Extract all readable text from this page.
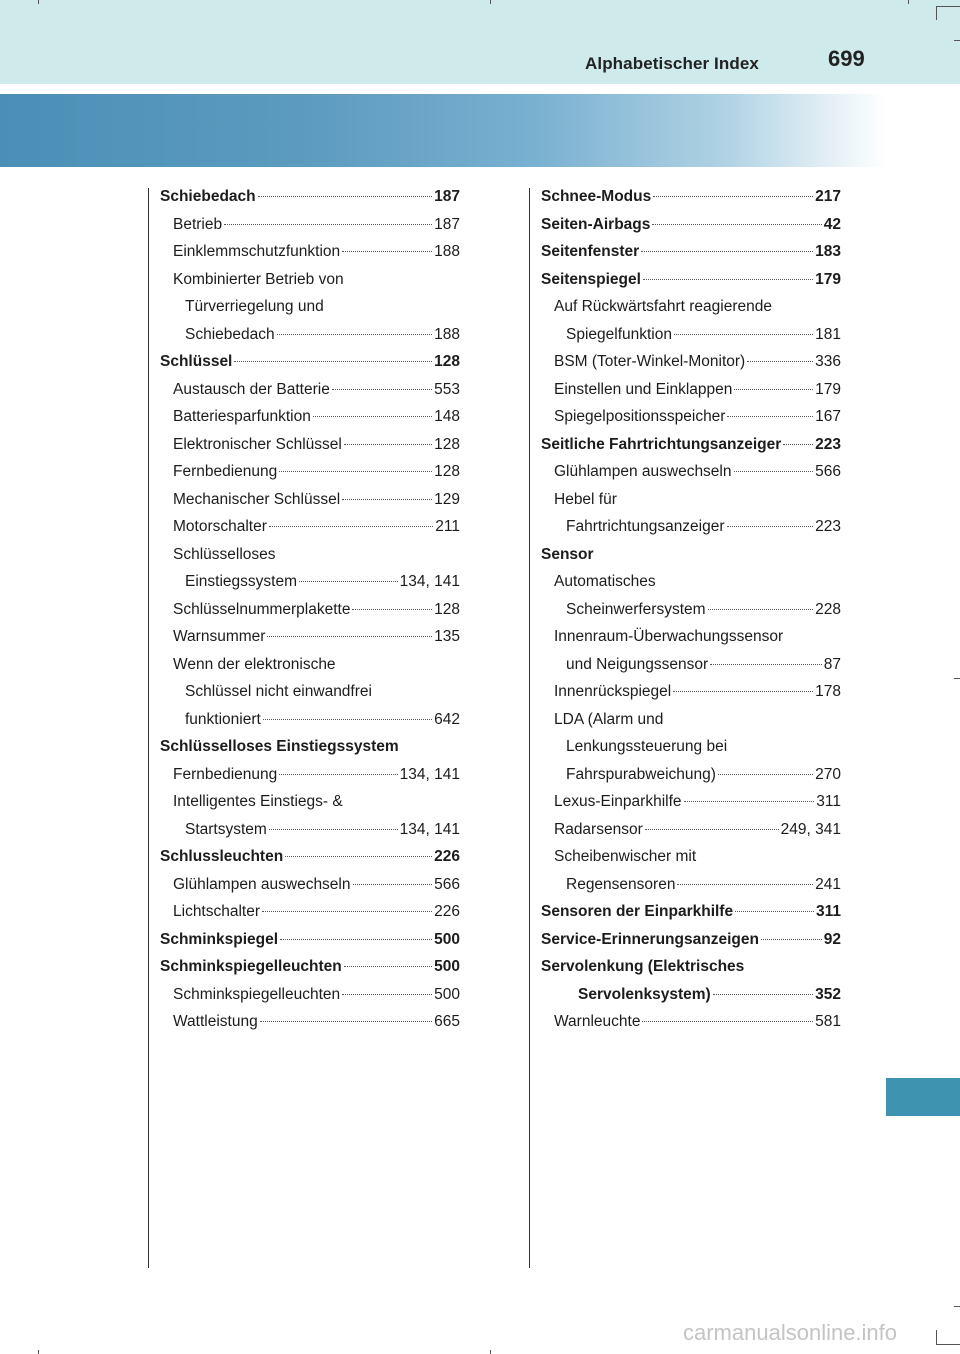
Alphabetischer Index	699
Schiebedach	187
Betrieb	187
Einklemmschutzfunktion	188
Kombinierter Betrieb von
Türverriegelung und
Schiebedach	188
Schlüssel	128
Austausch der Batterie	553
Batteriesparfunktion	148
Elektronischer Schlüssel	128
Fernbedienung	128
Mechanischer Schlüssel	129
Motorschalter	211
Schlüsselloses
Einstiegssystem	134, 141
Schlüsselnummerplakette	128
Warnsummer	135
Wenn der elektronische
Schlüssel nicht einwandfrei
funktioniert	642
Schlüsselloses Einstiegssystem
Fernbedienung	134, 141
Intelligentes Einstiegs- &
Startsystem	134, 141
Schlussleuchten	226
Glühlampen auswechseln	566
Lichtschalter	226
Schminkspiegel	500
Schminkspiegelleuchten	500
Schminkspiegelleuchten	500
Wattleistung	665
Schnee-Modus	217
Seiten-Airbags	42
Seitenfenster	183
Seitenspiegel	179
Auf Rückwärtsfahrt reagierende
Spiegelfunktion	181
BSM (Toter-Winkel-Monitor)	336
Einstellen und Einklappen	179
Spiegelpositionsspeicher	167
Seitliche Fahrtrichtungsanzeiger 223
Glühlampen auswechseln	566
Hebel für
Fahrtrichtungsanzeiger	223
Sensor
Automatisches
Scheinwerfersystem	228
Innenraum-Überwachungssensor
und Neigungssensor	87
Innenrückspiegel	178
LDA (Alarm und
Lenkungssteuerung bei
Fahrspurabweichung)	270
Lexus-Einparkhilfe	311
Radarsensor	249, 341
Scheibenwischer mit
Regensensoren	241
Sensoren der Einparkhilfe	311
Service-Erinnerungsanzeigen	92
Servolenkung (Elektrisches
Servolenksystem)	352
Warnleuchte	581
carmanualsonline.info
